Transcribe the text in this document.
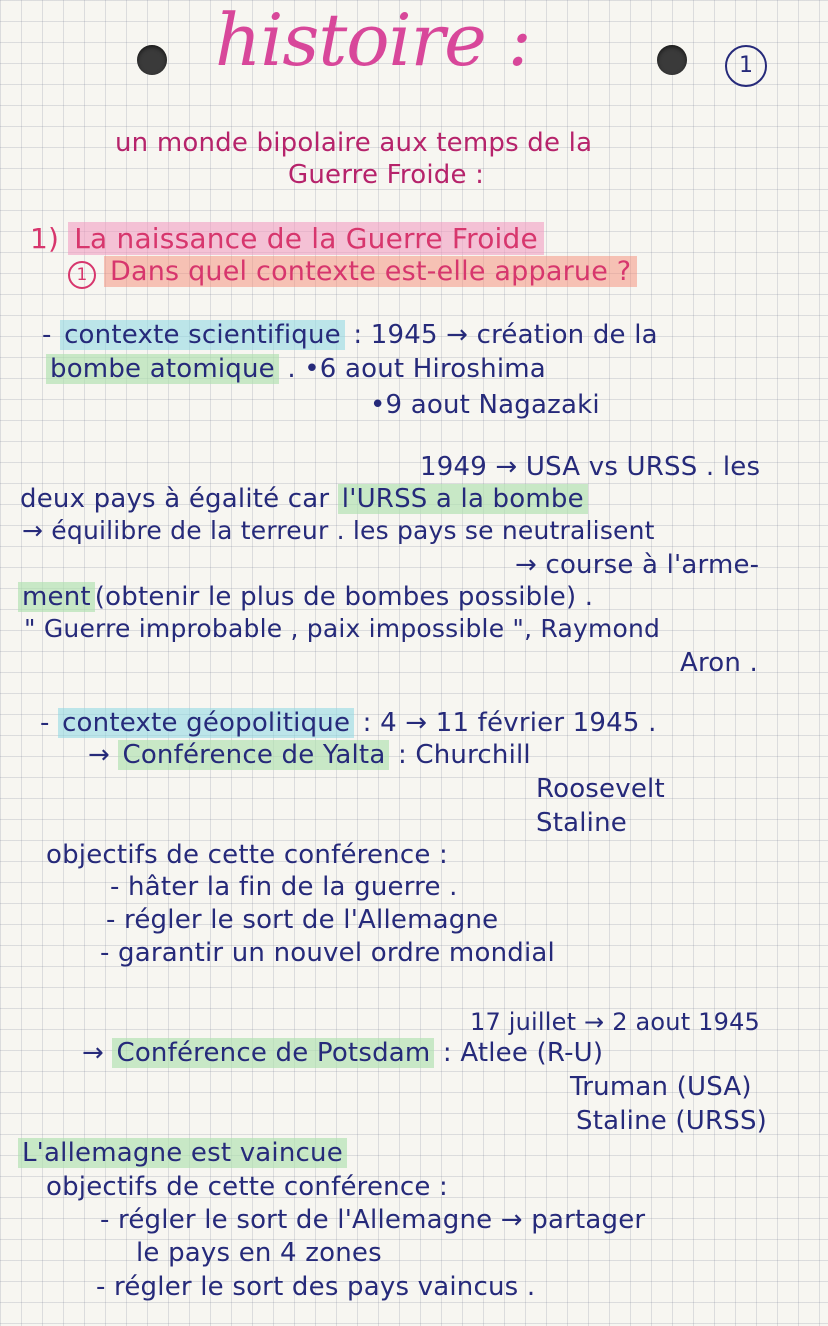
histoire :	1
un monde bipolaire aux temps de la
Guerre Froide :
1) La naissance de la Guerre Froide
1 Dans quel contexte est-elle apparue ?
- contexte scientifique : 1945 → création de la
bombe atomique . •6 aout Hiroshima
•9 aout Nagazaki
1949 → USA vs URSS . les
deux pays à égalité car l'URSS a la bombe
→ équilibre de la terreur . les pays se neutralisent
→ course à l'arme-
ment (obtenir le plus de bombes possible) .
" Guerre improbable , paix impossible ", Raymond
Aron .
- contexte géopolitique : 4 → 11 février 1945 .
→ Conférence de Yalta : Churchill
Roosevelt
Staline
objectifs de cette conférence :
- hâter la fin de la guerre .
- régler le sort de l'Allemagne
- garantir un nouvel ordre mondial
17 juillet → 2 aout 1945
→ Conférence de Potsdam : Atlee (R-U)
Truman (USA)
Staline (URSS)
L'allemagne est vaincue
objectifs de cette conférence :
- régler le sort de l'Allemagne → partager
le pays en 4 zones
- régler le sort des pays vaincus .
